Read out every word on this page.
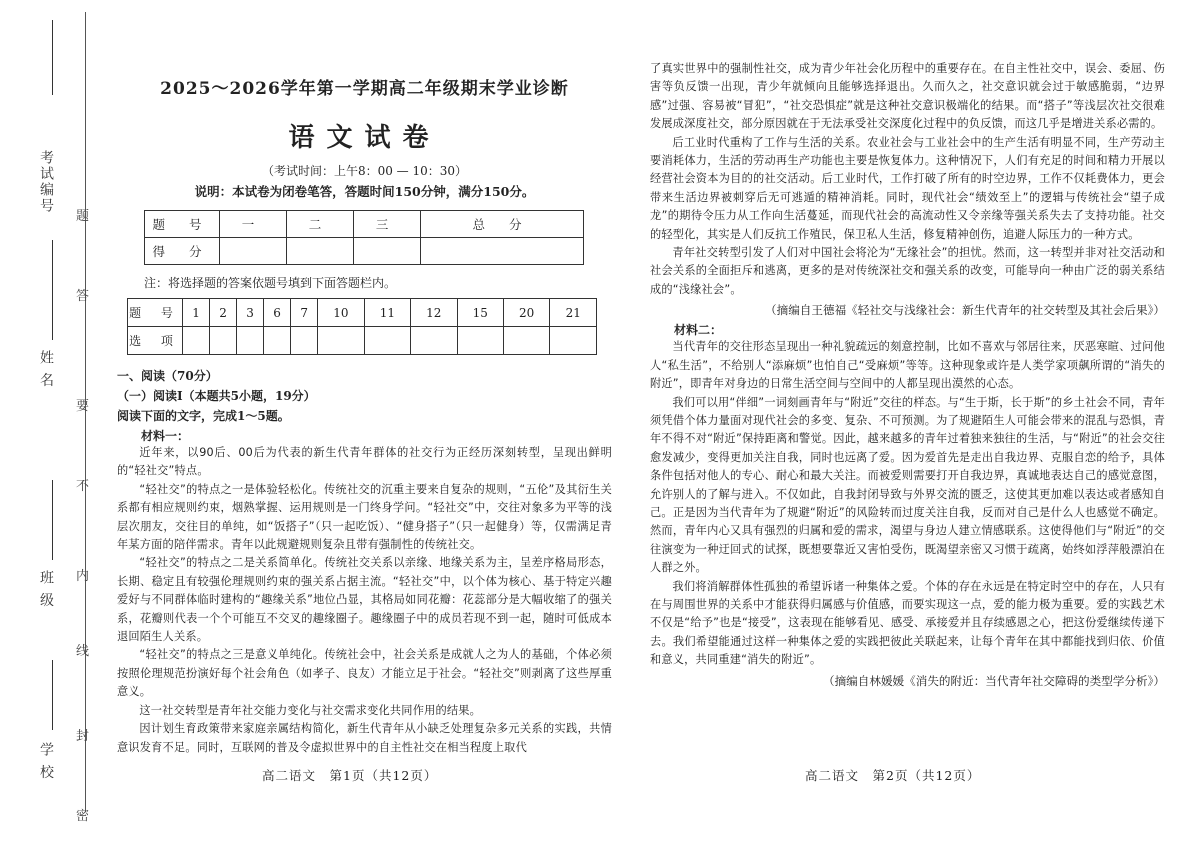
考试编号
姓 名
班 级
学 校
密
封
线
内
不
要
答
题
2025～2026学年第一学期高二年级期末学业诊断
语文试卷
（考试时间：上午8：00 — 10：30）
说明：本试卷为闭卷笔答，答题时间150分钟，满分150分。
题 号	一	二	三	总 分
得 分				
注：将选择题的答案依题号填到下面答题栏内。
题 号	1	2	3	6	7	10	11	12	15	20	21
选 项											
一、阅读（70分）
（一）阅读Ⅰ（本题共5小题，19分）
阅读下面的文字，完成1～5题。
材料一：

近年来，以90后、00后为代表的新生代青年群体的社交行为正经历深刻转型，呈现出鲜明的“轻社交”特点。

“轻社交”的特点之一是体验轻松化。传统社交的沉重主要来自复杂的规则，“五伦”及其衍生关系都有相应规则约束，烟熟掌握、运用规则是一门终身学问。“轻社交”中，交往对象多为平等的浅层次朋友，交往目的单纯，如“饭搭子”（只一起吃饭）、“健身搭子”（只一起健身）等，仅需满足青年某方面的陪伴需求。青年以此规避规则复杂且带有强制性的传统社交。

“轻社交”的特点之二是关系简单化。传统社交关系以亲缘、地缘关系为主，呈差序格局形态，长期、稳定且有较强伦理规则约束的强关系占据主流。“轻社交”中，以个体为核心、基于特定兴趣爱好与不同群体临时建构的“趣缘关系”地位凸显，其格局如同花瓣：花蕊部分是大幅收缩了的强关系，花瓣则代表一个个可能互不交叉的趣缘圈子。趣缘圈子中的成员若现不到一起，随时可低成本退回陌生人关系。

“轻社交”的特点之三是意义单纯化。传统社会中，社会关系是成就人之为人的基础，个体必须按照伦理规范扮演好每个社会角色（如孝子、良友）才能立足于社会。“轻社交”则剥离了这些厚重意义。

这一社交转型是青年社交能力变化与社交需求变化共同作用的结果。

因计划生育政策带来家庭亲属结构简化，新生代青年从小缺乏处理复杂多元关系的实践，共情意识发育不足。同时，互联网的普及令虚拟世界中的自主性社交在相当程度上取代

高二语文　第1页（共12页）

了真实世界中的强制性社交，成为青少年社会化历程中的重要存在。在自主性社交中，误会、委屈、伤害等负反馈一出现，青少年就倾向且能够选择退出。久而久之，社交意识就会过于敏感脆弱，“边界感”过强、容易被“冒犯”，“社交恐惧症”就是这种社交意识极端化的结果。而“搭子”等浅层次社交很难发展成深度社交，部分原因就在于无法承受社交深度化过程中的负反馈，而这几乎是增进关系必需的。

后工业时代重构了工作与生活的关系。农业社会与工业社会中的生产生活有明显不同，生产劳动主要消耗体力，生活的劳动再生产功能也主要是恢复体力。这种情况下，人们有充足的时间和精力开展以经营社会资本为目的的社交活动。后工业时代，工作打破了所有的时空边界，工作不仅耗费体力，更会带来生活边界被刺穿后无可逃遁的精神消耗。同时，现代社会“绩效至上”的逻辑与传统社会“望子成龙”的期待令压力从工作向生活蔓延，而现代社会的高流动性又令亲缘等强关系失去了支持功能。社交的轻型化，其实是人们反抗工作殖民，保卫私人生活，修复精神创伤，追避人际压力的一种方式。

青年社交转型引发了人们对中国社会将沦为“无缘社会”的担忧。然而，这一转型并非对社交活动和社会关系的全面拒斥和逃离，更多的是对传统深社交和强关系的改变，可能导向一种由广泛的弱关系结成的“浅缘社会”。

（摘编自王德福《轻社交与浅缘社会：新生代青年的社交转型及其社会后果》）
材料二：

当代青年的交往形态呈现出一种礼貌疏远的刻意控制，比如不喜欢与邻居往来，厌恶寒暄、过问他人“私生活”，不给别人“添麻烦”也怕自己“受麻烦”等等。这种现象或许是人类学家项飙所谓的“消失的附近”，即青年对身边的日常生活空间与空间中的人都呈现出漠然的心态。

我们可以用“伴细”一词刻画青年与“附近”交往的样态。与“生于斯，长于斯”的乡土社会不同，青年须凭借个体力量面对现代社会的多变、复杂、不可预测。为了规避陌生人可能会带来的混乱与恐惧，青年不得不对“附近”保持距离和警觉。因此，越来越多的青年过着独来独往的生活，与“附近”的社会交往愈发减少，变得更加关注自我，同时也远离了爱。因为爱首先是走出自我边界、克服自恋的给予，具体条件包括对他人的专心、耐心和最大关注。而被爱则需要打开自我边界，真诚地表达自己的感觉意图，允许别人的了解与进入。不仅如此，自我封闭导致与外界交流的匮乏，这使其更加难以表达或者感知自己。正是因为当代青年为了规避“附近”的风险转而过度关注自我，反而对自己是什么人也感觉不确定。然而，青年内心又具有强烈的归属和爱的需求，渴望与身边人建立情感联系。这使得他们与“附近”的交往演变为一种迂回式的试探，既想要靠近又害怕受伤，既渴望亲密又习惯于疏离，始终如浮萍般漂泊在人群之外。

我们将消解群体性孤独的希望诉诸一种集体之爱。个体的存在永远是在特定时空中的存在，人只有在与周围世界的关系中才能获得归属感与价值感，而要实现这一点，爱的能力极为重要。爱的实践艺术不仅是“给予”也是“接受”，这表现在能够看见、感受、承接爱并且存续感恩之心，把这份爱继续传递下去。我们希望能通过这样一种集体之爱的实践把彼此关联起来，让每个青年在其中都能找到归依、价值和意义，共同重建“消失的附近”。

（摘编自林媛媛《消失的附近：当代青年社交障碍的类型学分析》）
高二语文　第2页（共12页）
